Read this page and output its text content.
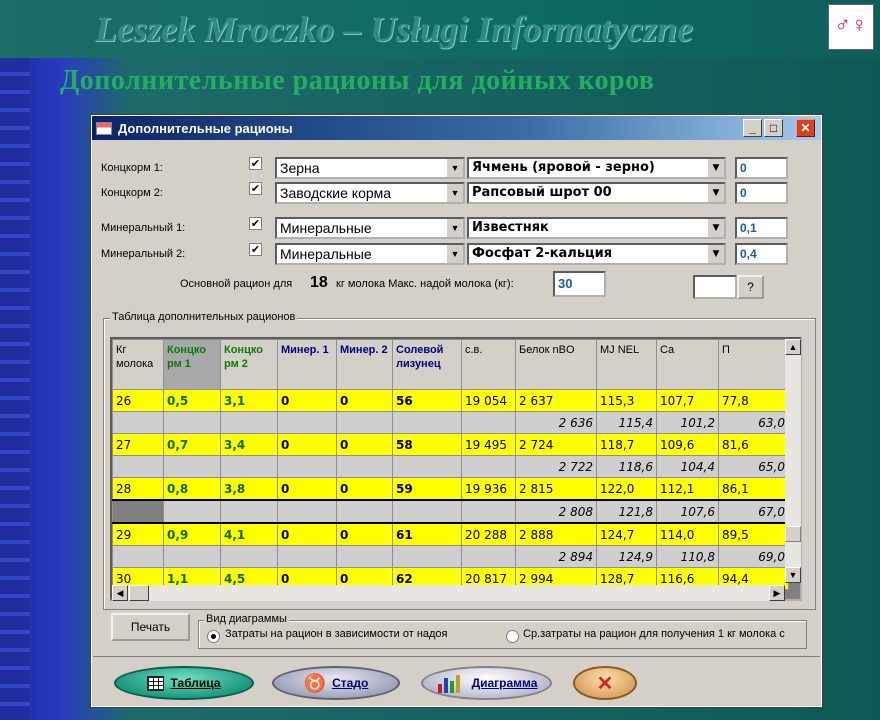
Leszek Mroczko – Usługi Informatyczne	♂♀
Дополнительные рационы для дойных коров
Дополнительные рационы	_	□	✕
Концкорм 1:	✔	Зерна	▼ Ячмень (яровой - зерно)	▼	0
Концкорм 2:	✔	Заводские корма	▼ Рапсовый шрот 00	▼	0
Минеральный 1:	✔	Минеральные	▼ Известняк	▼	0,1
Минеральный 2:	✔	Минеральные	▼ Фосфат 2-кальция	▼	0,4
Основной рацион для 18 кг молока Макс. надой молока (кг):	30	?
Таблица дополнительных рационов
Кг молока	Концко рм 1	Концко рм 2	Минер. 1	Минер. 2	Солевой лизунец	с.в.	Белок nBO	MJ NEL	Ca	П
26	0,5	3,1	0	0	56	19 054	2 637	115,3	107,7	77,8
							2 636	115,4	101,2	63,0
27	0,7	3,4	0	0	58	19 495	2 724	118,7	109,6	81,6
							2 722	118,6	104,4	65,0
28	0,8	3,8	0	0	59	19 936	2 815	122,0	112,1	86,1
							2 808	121,8	107,6	67,0
29	0,9	4,1	0	0	61	20 288	2 888	124,7	114,0	89,5
							2 894	124,9	110,8	69,0
30	1,1	4,5	0	0	62	20 817	2 994	128,7	116,6	94,4
▲
▼
◀	▶
Печать
Вид диаграммы
Затраты на рацион в зависимости от надоя	Ср.затраты на рацион для получения 1 кг молока с
Таблица	♉ Стадо	Диаграмма	✕
